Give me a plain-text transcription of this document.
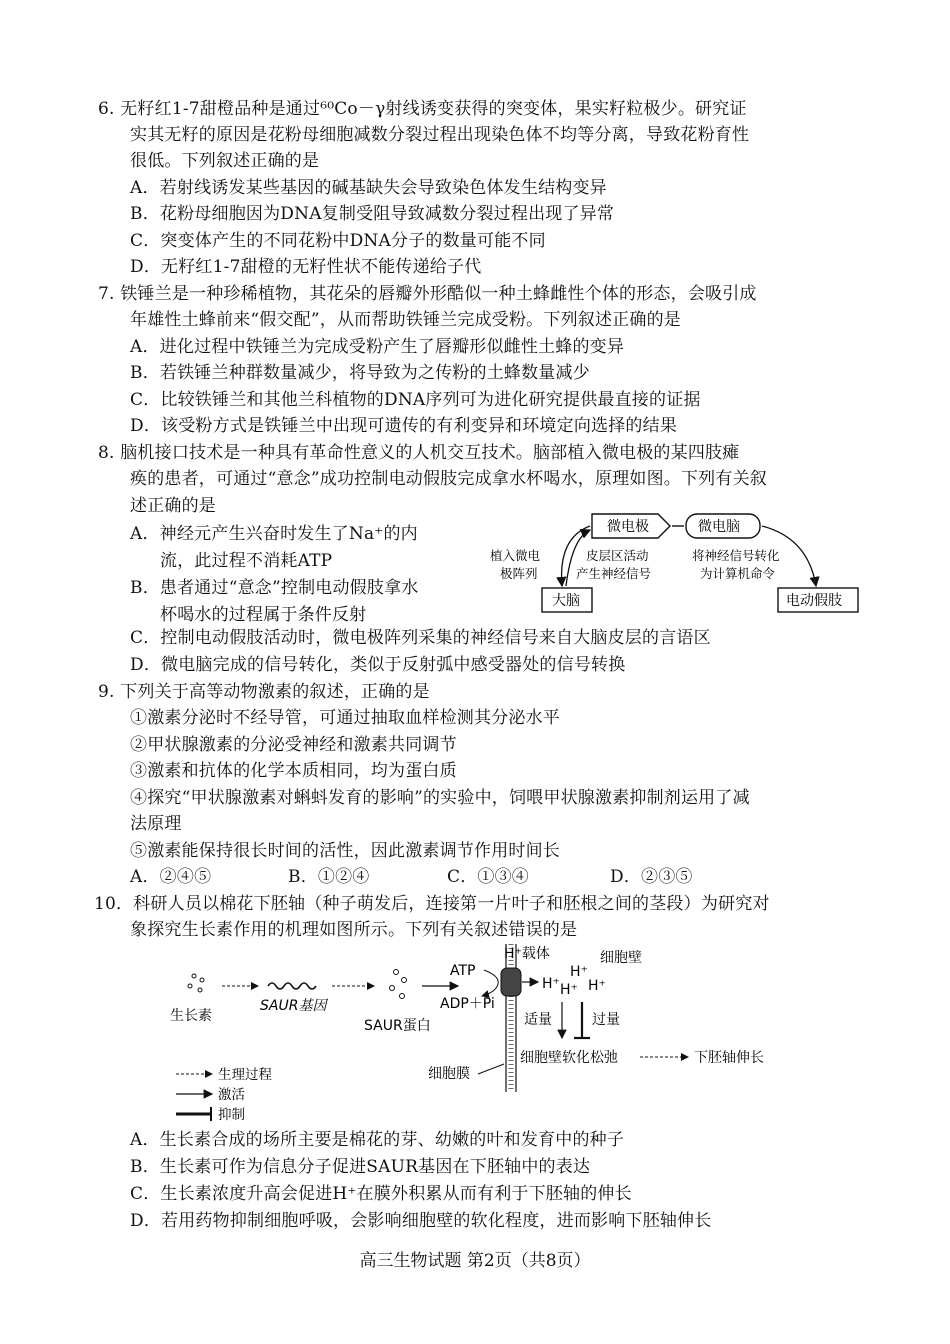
6. 无籽红1-7甜橙品种是通过⁶⁰Co－γ射线诱变获得的突变体，果实籽粒极少。研究证
实其无籽的原因是花粉母细胞减数分裂过程出现染色体不均等分离，导致花粉育性
很低。下列叙述正确的是
A．若射线诱发某些基因的碱基缺失会导致染色体发生结构变异
B．花粉母细胞因为DNA复制受阻导致减数分裂过程出现了异常
C．突变体产生的不同花粉中DNA分子的数量可能不同
D．无籽红1-7甜橙的无籽性状不能传递给子代
7. 铁锤兰是一种珍稀植物，其花朵的唇瓣外形酷似一种土蜂雌性个体的形态，会吸引成
年雄性土蜂前来“假交配”，从而帮助铁锤兰完成受粉。下列叙述正确的是
A．进化过程中铁锤兰为完成受粉产生了唇瓣形似雌性土蜂的变异
B．若铁锤兰种群数量减少，将导致为之传粉的土蜂数量减少
C．比较铁锤兰和其他兰科植物的DNA序列可为进化研究提供最直接的证据
D．该受粉方式是铁锤兰中出现可遗传的有利变异和环境定向选择的结果
8. 脑机接口技术是一种具有革命性意义的人机交互技术。脑部植入微电极的某四肢瘫
痪的患者，可通过“意念”成功控制电动假肢完成拿水杯喝水，原理如图。下列有关叙
述正确的是
A．神经元产生兴奋时发生了Na⁺的内
流，此过程不消耗ATP
B．患者通过“意念”控制电动假肢拿水
杯喝水的过程属于条件反射
微电极	微电脑
大脑	电动假肢
植入微电
极阵列
皮层区活动
产生神经信号
将神经信号转化
为计算机命令
C．控制电动假肢活动时，微电极阵列采集的神经信号来自大脑皮层的言语区
D．微电脑完成的信号转化，类似于反射弧中感受器处的信号转换
9. 下列关于高等动物激素的叙述，正确的是
①激素分泌时不经导管，可通过抽取血样检测其分泌水平
②甲状腺激素的分泌受神经和激素共同调节
③激素和抗体的化学本质相同，均为蛋白质
④探究“甲状腺激素对蝌蚪发育的影响”的实验中，饲喂甲状腺激素抑制剂运用了减
法原理
⑤激素能保持很长时间的活性，因此激素调节作用时间长
A．②④⑤	B．①②④	C．①③④	D．②③⑤
10．科研人员以棉花下胚轴（种子萌发后，连接第一片叶子和胚根之间的茎段）为研究对
象探究生长素作用的机理如图所示。下列有关叙述错误的是
生长素
SAUR基因
SAUR蛋白
ATP
ADP＋Pi
H⁺载体	细胞壁
H⁺
H⁺
H⁺ H⁺
适量	过量
细胞壁软化松弛	下胚轴伸长
细胞膜
生理过程
激活
抑制
A．生长素合成的场所主要是棉花的芽、幼嫩的叶和发育中的种子
B．生长素可作为信息分子促进SAUR基因在下胚轴中的表达
C．生长素浓度升高会促进H⁺在膜外积累从而有利于下胚轴的伸长
D．若用药物抑制细胞呼吸，会影响细胞壁的软化程度，进而影响下胚轴伸长
高三生物试题 第2页（共8页）
